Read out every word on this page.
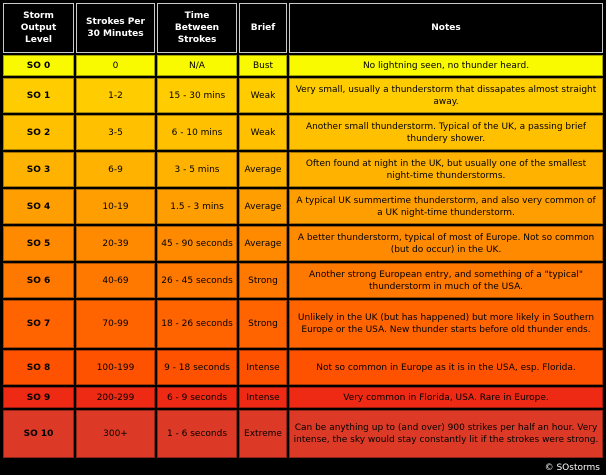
Storm Output Level	Strokes Per 30 Minutes	Time Between Strokes	Brief	Notes
SO 0	0	N/A	Bust	No lightning seen, no thunder heard.
SO 1	1-2	15 - 30 mins	Weak	Very small, usually a thunderstorm that dissapates almost straight away.
SO 2	3-5	6 - 10 mins	Weak	Another small thunderstorm. Typical of the UK, a passing brief thundery shower.
SO 3	6-9	3 - 5 mins	Average	Often found at night in the UK, but usually one of the smallest night-time thunderstorms.
SO 4	10-19	1.5 - 3 mins	Average	A typical UK summertime thunderstorm, and also very common of a UK night-time thunderstorm.
SO 5	20-39	45 - 90 seconds	Average	A better thunderstorm, typical of most of Europe. Not so common (but do occur) in the UK.
SO 6	40-69	26 - 45 seconds	Strong	Another strong European entry, and something of a "typical" thunderstorm in much of the USA.
SO 7	70-99	18 - 26 seconds	Strong	Unlikely in the UK (but has happened) but more likely in Southern Europe or the USA. New thunder starts before old thunder ends.
SO 8	100-199	9 - 18 seconds	Intense	Not so common in Europe as it is in the USA, esp. Florida.
SO 9	200-299	6 - 9 seconds	Intense	Very common in Florida, USA. Rare in Europe.
SO 10	300+	1 - 6 seconds	Extreme	Can be anything up to (and over) 900 strikes per half an hour. Very intense, the sky would stay constantly lit if the strokes were strong.
© SOstorms
